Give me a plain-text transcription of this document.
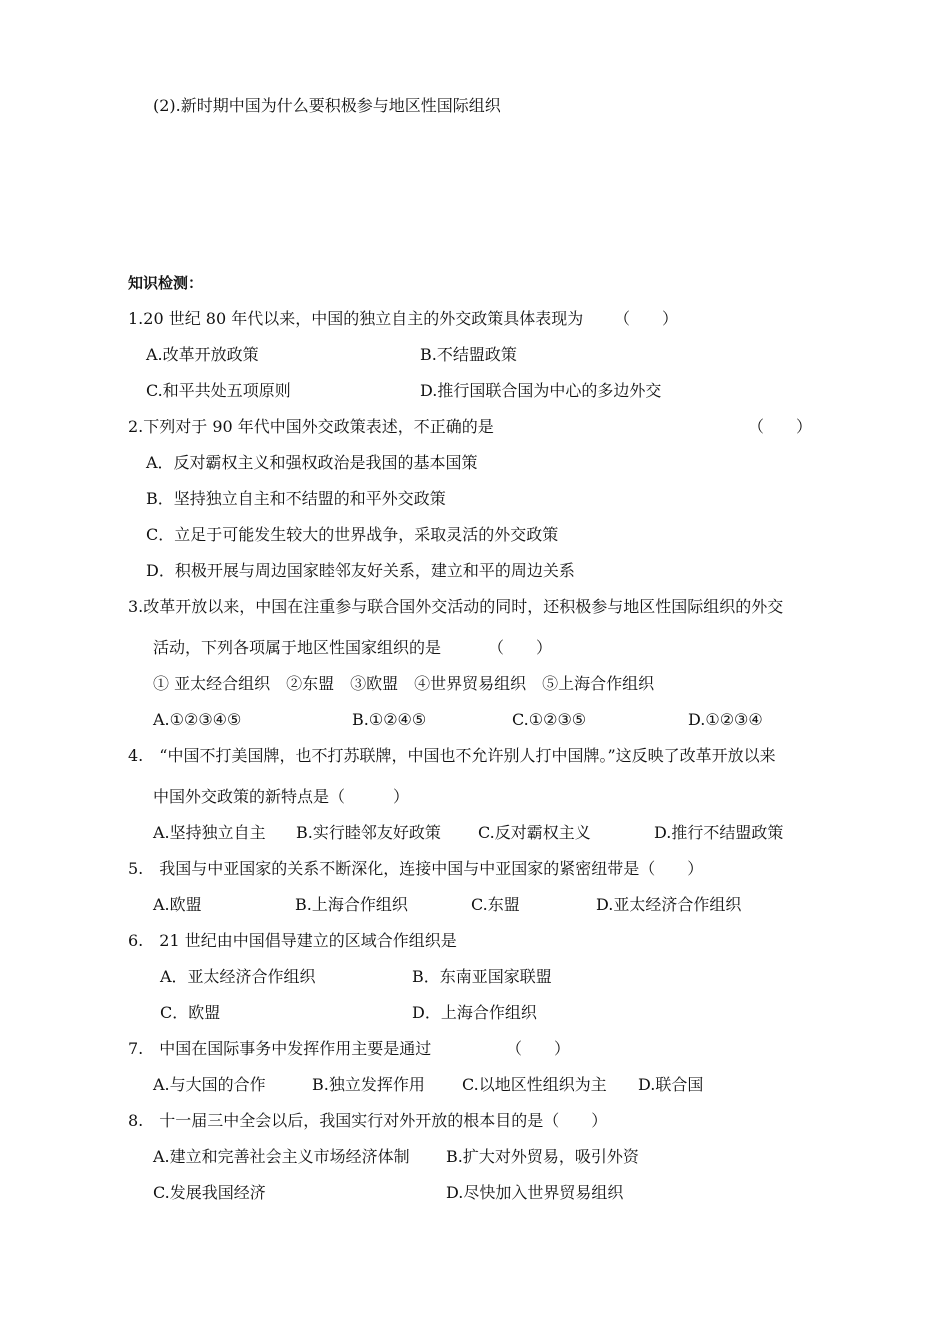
(2).新时期中国为什么要积极参与地区性国际组织
知识检测：
1.20 世纪 80 年代以来，中国的独立自主的外交政策具体表现为 （　　）
A.改革开放政策	B.不结盟政策
C.和平共处五项原则	D.推行国联合国为中心的多边外交
2.下列对于 90 年代中国外交政策表述，不正确的是	（　　）
A．反对霸权主义和强权政治是我国的基本国策
B．坚持独立自主和不结盟的和平外交政策
C．立足于可能发生较大的世界战争，采取灵活的外交政策
D．积极开展与周边国家睦邻友好关系，建立和平的周边关系
3.改革开放以来，中国在注重参与联合国外交活动的同时，还积极参与地区性国际组织的外交
活动，下列各项属于地区性国家组织的是	（　　）
① 亚太经合组织　②东盟　③欧盟　④世界贸易组织　⑤上海合作组织
A.①②③④⑤	B.①②④⑤	C.①②③⑤	D.①②③④
4.　“中国不打美国牌，也不打苏联牌，中国也不允许别人打中国牌。”这反映了改革开放以来
中国外交政策的新特点是（　　　）
A.坚持独立自主 B.实行睦邻友好政策 C.反对霸权主义	D.推行不结盟政策
5.　我国与中亚国家的关系不断深化，连接中国与中亚国家的紧密纽带是（　　）
A.欧盟	B.上海合作组织	C.东盟	D.亚太经济合作组织
6.　21 世纪由中国倡导建立的区域合作组织是
A．亚太经济合作组织	B．东南亚国家联盟
C．欧盟	D．上海合作组织
7.　中国在国际事务中发挥作用主要是通过	（　　）
A.与大国的合作	B.独立发挥作用 C.以地区性组织为主 D.联合国
8.　十一届三中全会以后，我国实行对外开放的根本目的是（　　）
A.建立和完善社会主义市场经济体制 B.扩大对外贸易，吸引外资
C.发展我国经济	D.尽快加入世界贸易组织
